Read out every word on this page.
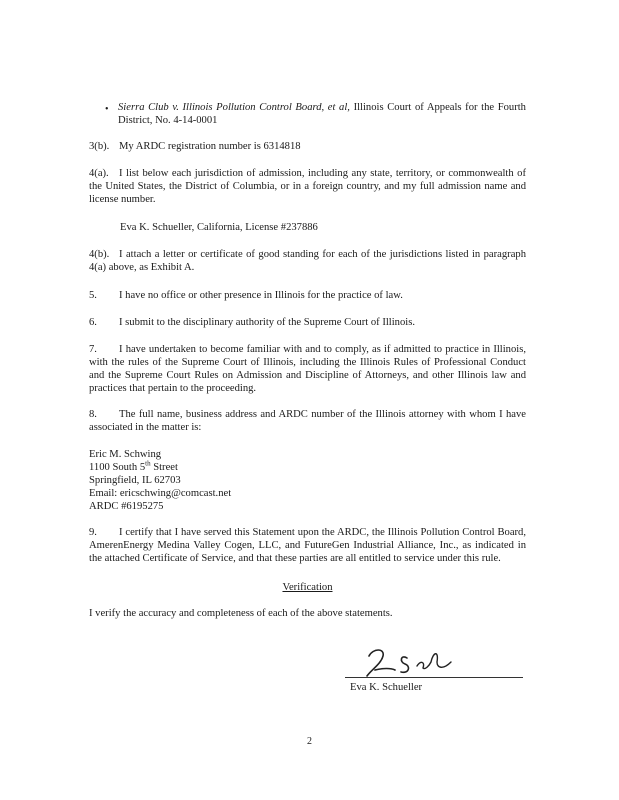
• Sierra Club v. Illinois Pollution Control Board, et al, Illinois Court of Appeals for the Fourth District, No. 4-14-0001

3(b). My ARDC registration number is 6314818

4(a). I list below each jurisdiction of admission, including any state, territory, or commonwealth of the United States, the District of Columbia, or in a foreign country, and my full admission name and license number.

Eva K. Schueller, California, License #237886

4(b). I attach a letter or certificate of good standing for each of the jurisdictions listed in paragraph 4(a) above, as Exhibit A.

5. I have no office or other presence in Illinois for the practice of law.

6. I submit to the disciplinary authority of the Supreme Court of Illinois.

7. I have undertaken to become familiar with and to comply, as if admitted to practice in Illinois, with the rules of the Supreme Court of Illinois, including the Illinois Rules of Professional Conduct and the Supreme Court Rules on Admission and Discipline of Attorneys, and other Illinois law and practices that pertain to the proceeding.

8. The full name, business address and ARDC number of the Illinois attorney with whom I have associated in the matter is:

Eric M. Schwing
1100 South 5th Street
Springfield, IL 62703
Email: ericschwing@comcast.net
ARDC #6195275

9. I certify that I have served this Statement upon the ARDC, the Illinois Pollution Control Board, AmerenEnergy Medina Valley Cogen, LLC, and FutureGen Industrial Alliance, Inc., as indicated in the attached Certificate of Service, and that these parties are all entitled to service under this rule.

Verification

I verify the accuracy and completeness of each of the above statements.

Eva K. Schueller
2
